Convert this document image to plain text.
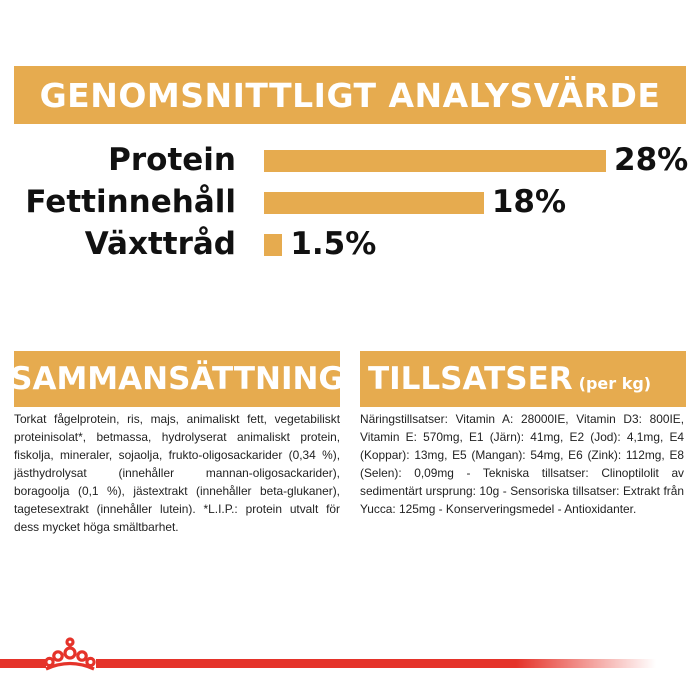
GENOMSNITTLIGT ANALYSVÄRDE
Protein	28%
Fettinnehåll	18%
Växttråd 1.5%
SAMMANSÄTTNING
Torkat fågelprotein, ris, majs, animaliskt fett, vegetabiliskt proteinisolat*, betmassa, hydrolyserat animaliskt protein, fiskolja, mineraler, sojaolja, frukto-oligosackarider (0,34 %), jästhydrolysat (innehåller mannan-oligosackarider), boragoolja (0,1 %), jästextrakt (innehåller beta-glukaner), tagetesextrakt (innehåller lutein). *L.I.P.: protein utvalt för dess mycket höga smältbarhet.
TILLSATSER (per kg)
Näringstillsatser: Vitamin A: 28000IE, Vitamin D3: 800IE, Vitamin E: 570mg, E1 (Järn): 41mg, E2 (Jod): 4,1mg, E4 (Koppar): 13mg, E5 (Mangan): 54mg, E6 (Zink): 112mg, E8 (Selen): 0,09mg - Tekniska tillsatser: Clinoptilolit av sedimentärt ursprung: 10g - Sensoriska tillsatser: Extrakt från Yucca: 125mg - Konserveringsmedel - Antioxidanter.
